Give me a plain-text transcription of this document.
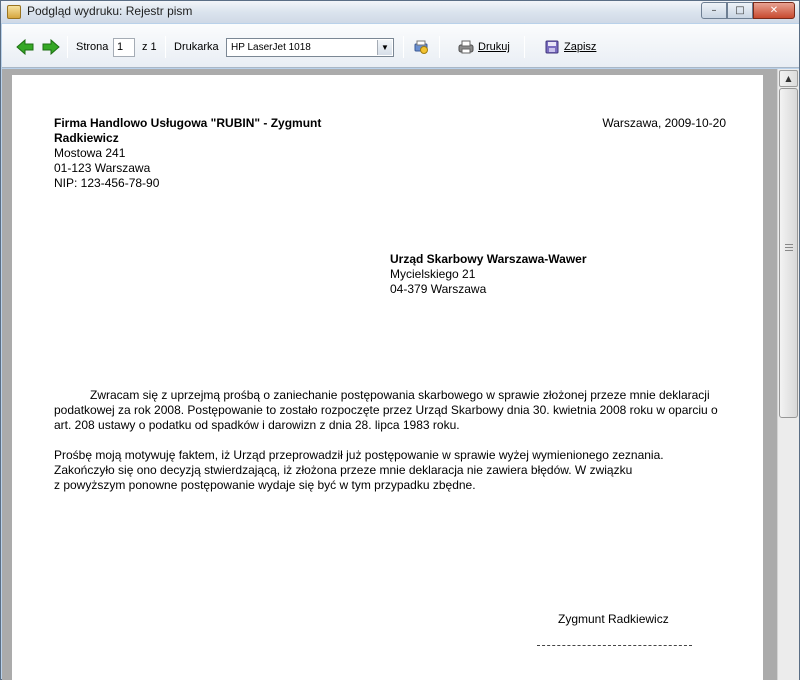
Podgląd wydruku: Rejestr pism	–	□	✕
Strona
1	z 1 Drukarka HP LaserJet 1018	▼	Drukuj	Zapisz
Firma Handlowo Usługowa "RUBIN" - Zygmunt Radkiewicz
Mostowa 241
01-123 Warszawa
NIP: 123-456-78-90
Warszawa, 2009-10-20
Urząd Skarbowy Warszawa-Wawer
Mycielskiego 21
04-379 Warszawa
Zwracam się z uprzejmą prośbą o zaniechanie postępowania skarbowego w sprawie złożonej przeze mnie deklaracji podatkowej za rok 2008. Postępowanie to zostało rozpoczęte przez Urząd Skarbowy dnia 30. kwietnia 2008 roku w oparciu o art. 208 ustawy o podatku od spadków i darowizn z dnia 28. lipca 1983 roku.
Prośbę moją motywuję faktem, iż Urząd przeprowadził już postępowanie w sprawie wyżej wymienionego zeznania.
Zakończyło się ono decyzją stwierdzającą, iż złożona przeze mnie deklaracja nie zawiera błędów. W związku
z powyższym ponowne postępowanie wydaje się być w tym przypadku zbędne.
Zygmunt Radkiewicz
▲
